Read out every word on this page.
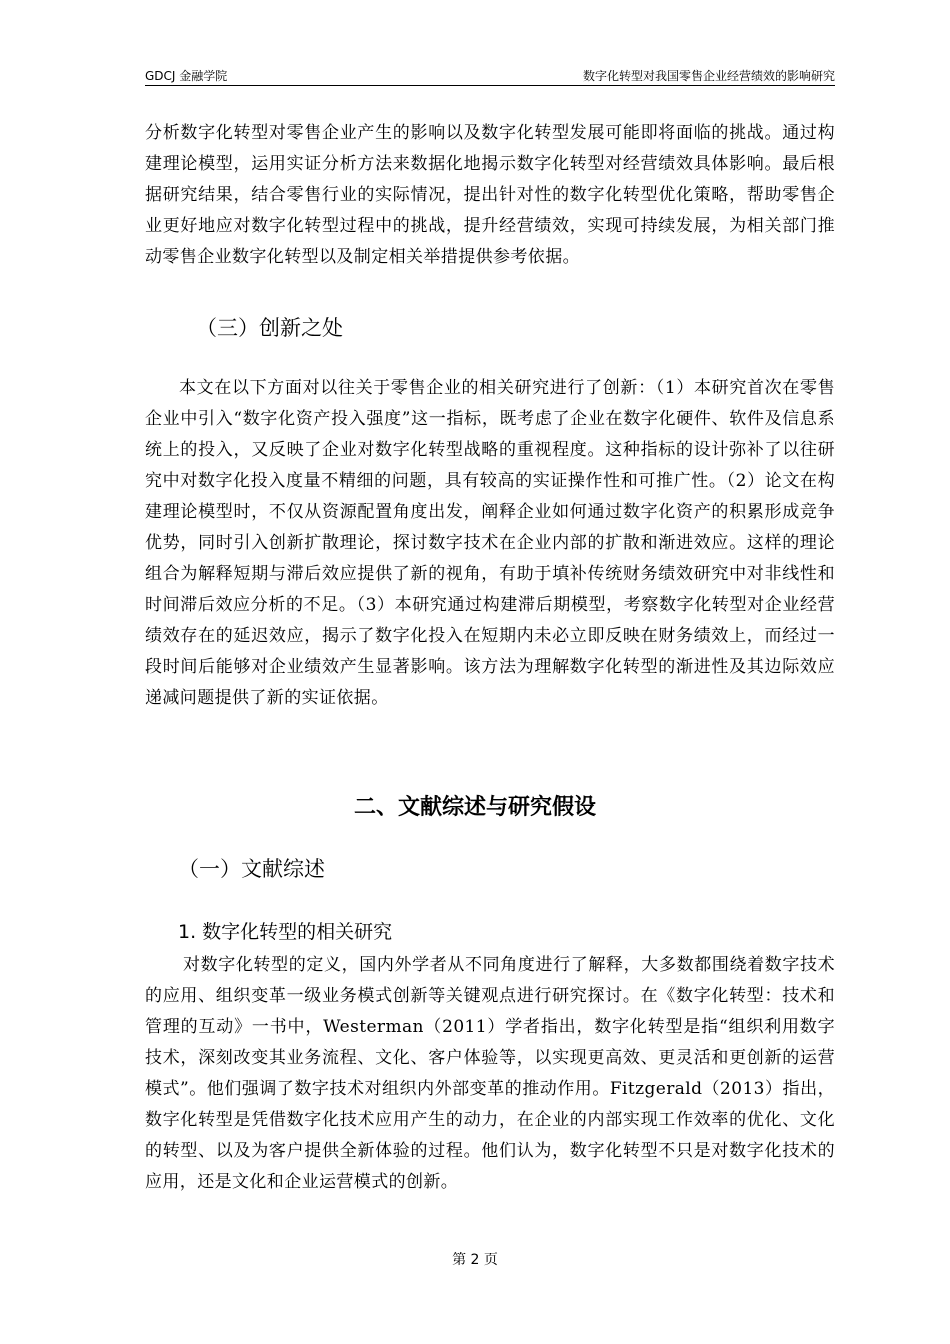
GDCJ 金融学院	数字化转型对我国零售企业经营绩效的影响研究
分析数字化转型对零售企业产生的影响以及数字化转型发展可能即将面临的挑战。通过构建理论模型，运用实证分析方法来数据化地揭示数字化转型对经营绩效具体影响。最后根据研究结果，结合零售行业的实际情况，提出针对性的数字化转型优化策略，帮助零售企业更好地应对数字化转型过程中的挑战，提升经营绩效，实现可持续发展，为相关部门推动零售企业数字化转型以及制定相关举措提供参考依据。
（三）创新之处
本文在以下方面对以往关于零售企业的相关研究进行了创新：（1）本研究首次在零售企业中引入“数字化资产投入强度”这一指标，既考虑了企业在数字化硬件、软件及信息系统上的投入，又反映了企业对数字化转型战略的重视程度。这种指标的设计弥补了以往研究中对数字化投入度量不精细的问题，具有较高的实证操作性和可推广性。（2）论文在构建理论模型时，不仅从资源配置角度出发，阐释企业如何通过数字化资产的积累形成竞争优势，同时引入创新扩散理论，探讨数字技术在企业内部的扩散和渐进效应。这样的理论组合为解释短期与滞后效应提供了新的视角，有助于填补传统财务绩效研究中对非线性和时间滞后效应分析的不足。（3）本研究通过构建滞后期模型，考察数字化转型对企业经营绩效存在的延迟效应，揭示了数字化投入在短期内未必立即反映在财务绩效上，而经过一段时间后能够对企业绩效产生显著影响。该方法为理解数字化转型的渐进性及其边际效应递减问题提供了新的实证依据。
二、文献综述与研究假设
（一）文献综述
1. 数字化转型的相关研究
对数字化转型的定义，国内外学者从不同角度进行了解释，大多数都围绕着数字技术的应用、组织变革一级业务模式创新等关键观点进行研究探讨。在《数字化转型：技术和管理的互动》一书中，Westerman（2011）学者指出，数字化转型是指“组织利用数字技术，深刻改变其业务流程、文化、客户体验等，以实现更高效、更灵活和更创新的运营模式”。他们强调了数字技术对组织内外部变革的推动作用。Fitzgerald（2013）指出，数字化转型是凭借数字化技术应用产生的动力，在企业的内部实现工作效率的优化、文化的转型、以及为客户提供全新体验的过程。他们认为，数字化转型不只是对数字化技术的应用，还是文化和企业运营模式的创新。
第 2 页
